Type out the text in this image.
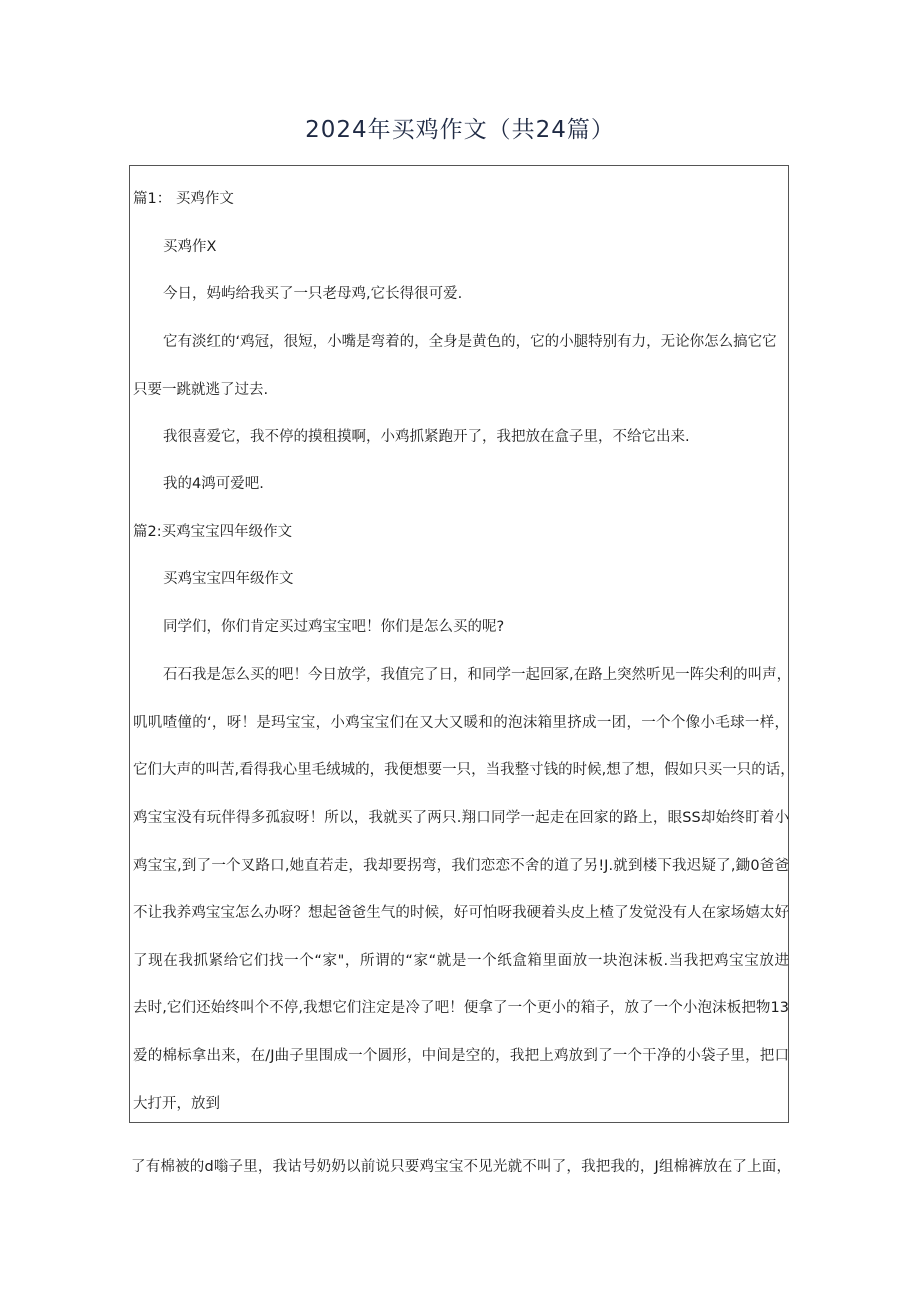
2024年买鸡作文（共24篇）
篇1： 买鸡作文
买鸡作X
今日，妈屿给我买了一只老母鸡,它长得很可爱.
它有淡红的‘鸡冠，很短，小嘴是弯着的，全身是黄色的，它的小腿特别有力，无论你怎么搞它它
只要一跳就逃了过去.
我很喜爱它，我不停的摸租摸啊，小鸡抓紧跑开了，我把放在盒子里，不给它出来.
我的4鸿可爱吧.
篇2:买鸡宝宝四年级作文
买鸡宝宝四年级作文
同学们，你们肯定买过鸡宝宝吧！你们是怎么买的呢?
石石我是怎么买的吧！今日放学，我值完了日，和同学一起回冢,在路上突然听见一阵尖利的叫声，
叽叽喳僮的‘，呀！是玛宝宝，小鸡宝宝们在又大又暖和的泡沫箱里挤成一团，一个个像小毛球一样，
它们大声的叫苦,看得我心里毛绒城的，我便想要一只，当我整寸钱的时候,想了想，假如只买一只的话，
鸡宝宝没有玩伴得多孤寂呀！所以，我就买了两只.翔口同学一起走在回家的路上，眼SS却始终盯着小
鸡宝宝,到了一个叉路口,她直若走，我却要拐弯，我们恋恋不舍的道了另!J.就到楼下我迟疑了,鋤0爸爸
不让我养鸡宝宝怎么办呀？想起爸爸生气的时候，好可怕呀我硬着头皮上楂了发觉没有人在家场嬉太好
了现在我抓紧给它们找一个“家"，所谓的“家“就是一个纸盒箱里面放一块泡沫板.当我把鸡宝宝放进
去时,它们还始终叫个不停,我想它们注定是冷了吧！便拿了一个更小的箱子，放了一个小泡沫板把物13
爱的棉标拿出来，在/J曲子里围成一个圆形，中间是空的，我把上鸡放到了一个干净的小袋子里，把口
大打开，放到
了有棉被的d嗡子里，我诂号奶奶以前说只要鸡宝宝不见光就不叫了，我把我的，J组棉裤放在了上面，
